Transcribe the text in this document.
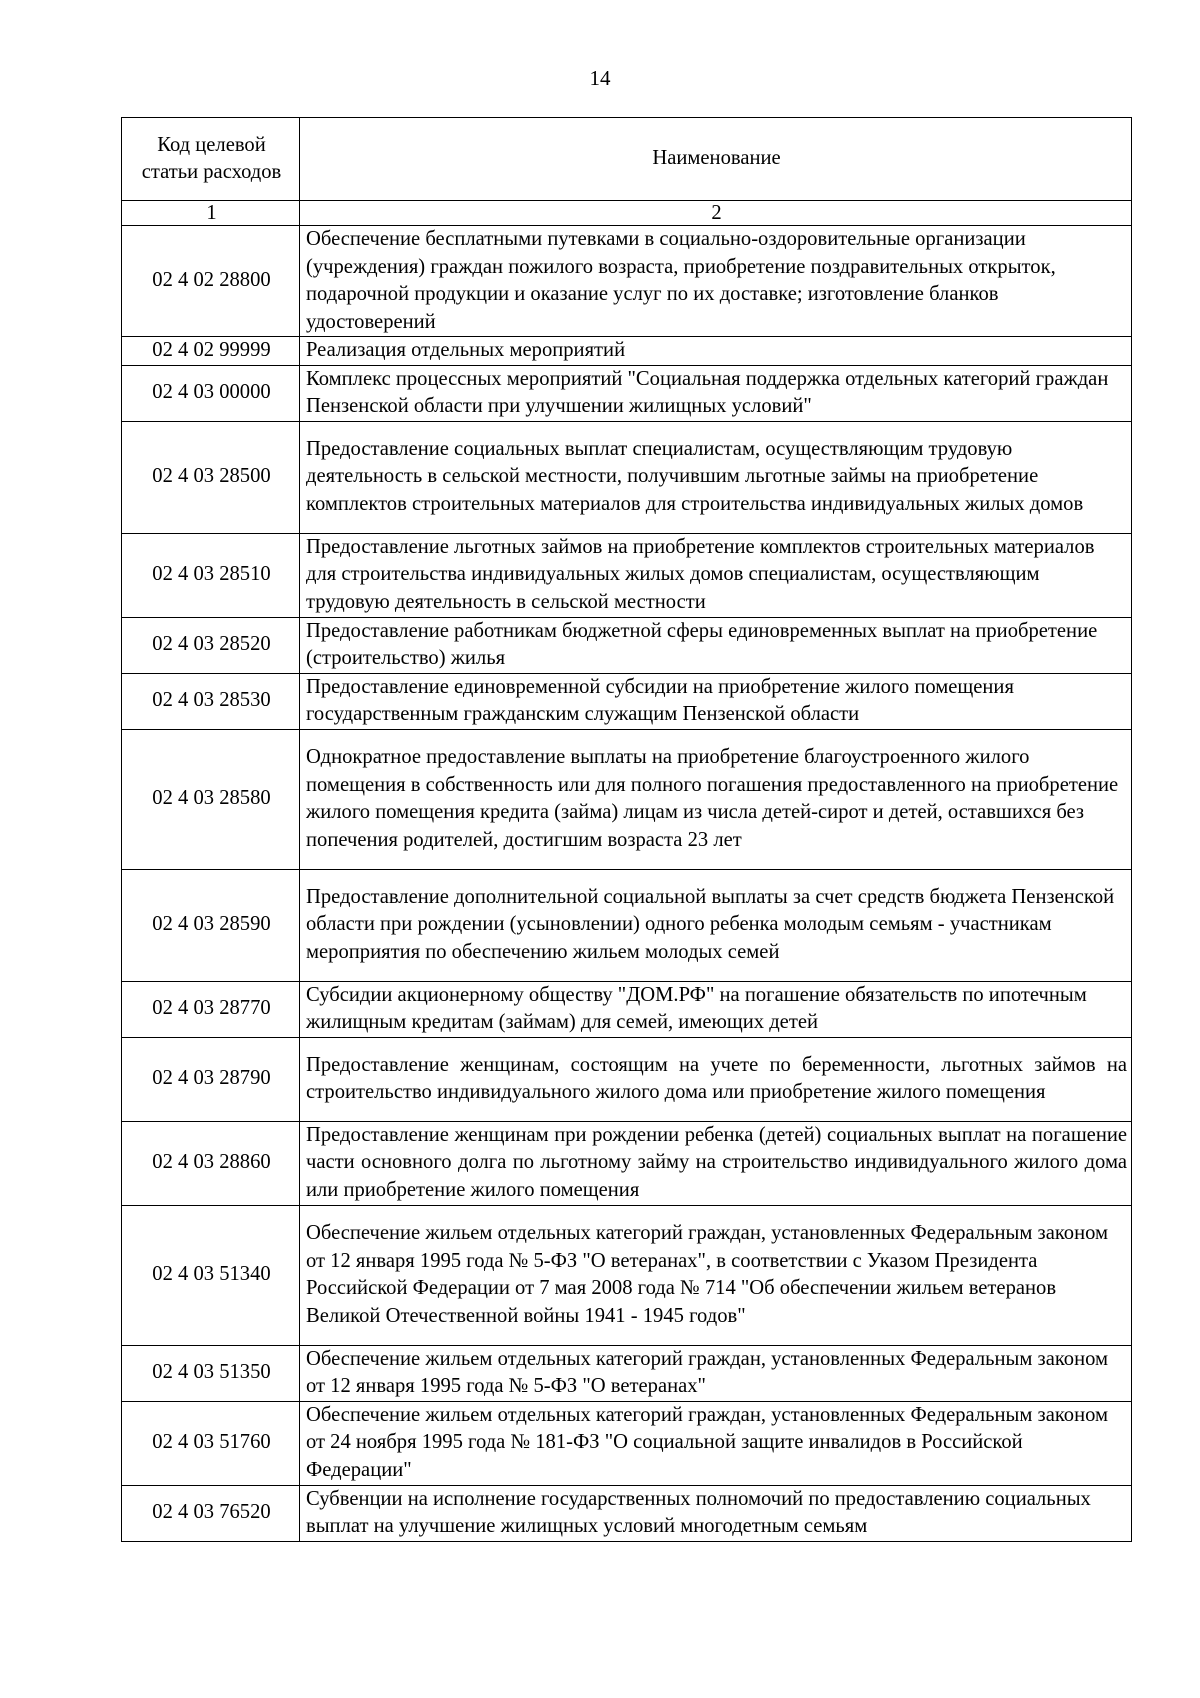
14
Код целевой статьи расходов	Наименование
1	2
02 4 02 28800	Обеспечение бесплатными путевками в социально-оздоровительные организации (учреждения) граждан пожилого возраста, приобретение поздравительных открыток, подарочной продукции и оказание услуг по их доставке; изготовление бланков удостоверений
02 4 02 99999	Реализация отдельных мероприятий
02 4 03 00000	Комплекс процессных мероприятий "Социальная поддержка отдельных категорий граждан Пензенской области при улучшении жилищных условий"
02 4 03 28500	Предоставление социальных выплат специалистам, осуществляющим трудовую деятельность в сельской местности, получившим льготные займы на приобретение комплектов строительных материалов для строительства индивидуальных жилых домов
02 4 03 28510	Предоставление льготных займов на приобретение комплектов строительных материалов для строительства индивидуальных жилых домов специалистам, осуществляющим трудовую деятельность в сельской местности
02 4 03 28520	Предоставление работникам бюджетной сферы единовременных выплат на приобретение (строительство) жилья
02 4 03 28530	Предоставление единовременной субсидии на приобретение жилого помещения государственным гражданским служащим Пензенской области
02 4 03 28580	Однократное предоставление выплаты на приобретение благоустроенного жилого помещения в собственность или для полного погашения предоставленного на приобретение жилого помещения кредита (займа) лицам из числа детей-сирот и детей, оставшихся без попечения родителей, достигшим возраста 23 лет
02 4 03 28590	Предоставление дополнительной социальной выплаты за счет средств бюджета Пензенской области при рождении (усыновлении) одного ребенка молодым семьям - участникам мероприятия по обеспечению жильем молодых семей
02 4 03 28770	Субсидии акционерному обществу "ДОМ.РФ" на погашение обязательств по ипотечным жилищным кредитам (займам) для семей, имеющих детей
02 4 03 28790	Предоставление женщинам, состоящим на учете по беременности, льготных займов на строительство индивидуального жилого дома или приобретение жилого помещения
02 4 03 28860	Предоставление женщинам при рождении ребенка (детей) социальных выплат на погашение части основного долга по льготному займу на строительство индивидуального жилого дома или приобретение жилого помещения
02 4 03 51340	Обеспечение жильем отдельных категорий граждан, установленных Федеральным законом от 12 января 1995 года № 5-ФЗ "О ветеранах", в соответствии с Указом Президента Российской Федерации от 7 мая 2008 года № 714 "Об обеспечении жильем ветеранов Великой Отечественной войны 1941 - 1945 годов"
02 4 03 51350	Обеспечение жильем отдельных категорий граждан, установленных Федеральным законом от 12 января 1995 года № 5-ФЗ "О ветеранах"
02 4 03 51760	Обеспечение жильем отдельных категорий граждан, установленных Федеральным законом от 24 ноября 1995 года № 181-ФЗ "О социальной защите инвалидов в Российской Федерации"
02 4 03 76520	Субвенции на исполнение государственных полномочий по предоставлению социальных выплат на улучшение жилищных условий многодетным семьям
